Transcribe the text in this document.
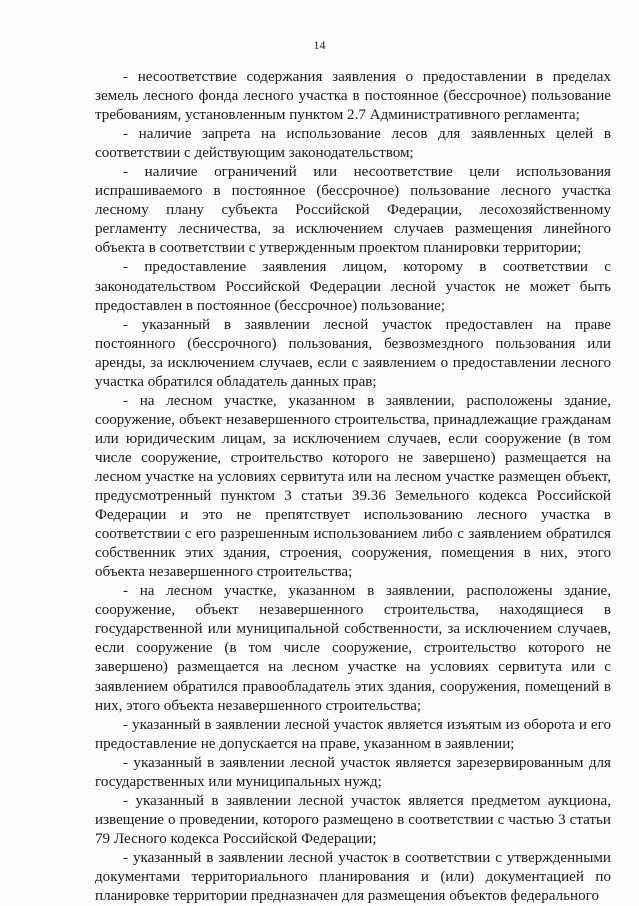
14

- несоответствие содержания заявления о предоставлении в пределах земель лесного фонда лесного участка в постоянное (бессрочное) пользование требованиям, установленным пунктом 2.7 Административного регламента;

- наличие запрета на использование лесов для заявленных целей в соответствии с действующим законодательством;

- наличие ограничений или несоответствие цели использования испрашиваемого в постоянное (бессрочное) пользование лесного участка лесному плану субъекта Российской Федерации, лесохозяйственному регламенту лесничества, за исключением случаев размещения линейного объекта в соответствии с утвержденным проектом планировки территории;

- предоставление заявления лицом, которому в соответствии с законодательством Российской Федерации лесной участок не может быть предоставлен в постоянное (бессрочное) пользование;

- указанный в заявлении лесной участок предоставлен на праве постоянного (бессрочного) пользования, безвозмездного пользования или аренды, за исключением случаев, если с заявлением о предоставлении лесного участка обратился обладатель данных прав;

- на лесном участке, указанном в заявлении, расположены здание, сооружение, объект незавершенного строительства, принадлежащие гражданам или юридическим лицам, за исключением случаев, если сооружение (в том числе сооружение, строительство которого не завершено) размещается на лесном участке на условиях сервитута или на лесном участке размещен объект, предусмотренный пунктом 3 статьи 39.36 Земельного кодекса Российской Федерации и это не препятствует использованию лесного участка в соответствии с его разрешенным использованием либо с заявлением обратился собственник этих здания, строения, сооружения, помещения в них, этого объекта незавершенного строительства;

- на лесном участке, указанном в заявлении, расположены здание, сооружение, объект незавершенного строительства, находящиеся в государственной или муниципальной собственности, за исключением случаев, если сооружение (в том числе сооружение, строительство которого не завершено) размещается на лесном участке на условиях сервитута или с заявлением обратился правообладатель этих здания, сооружения, помещений в них, этого объекта незавершенного строительства;

- указанный в заявлении лесной участок является изъятым из оборота и его предоставление не допускается на праве, указанном в заявлении;

- указанный в заявлении лесной участок является зарезервированным для государственных или муниципальных нужд;

- указанный в заявлении лесной участок является предметом аукциона, извещение о проведении, которого размещено в соответствии с частью 3 статьи 79 Лесного кодекса Российской Федерации;

- указанный в заявлении лесной участок в соответствии с утвержденными документами территориального планирования и (или) документацией по планировке территории предназначен для размещения объектов федерального
